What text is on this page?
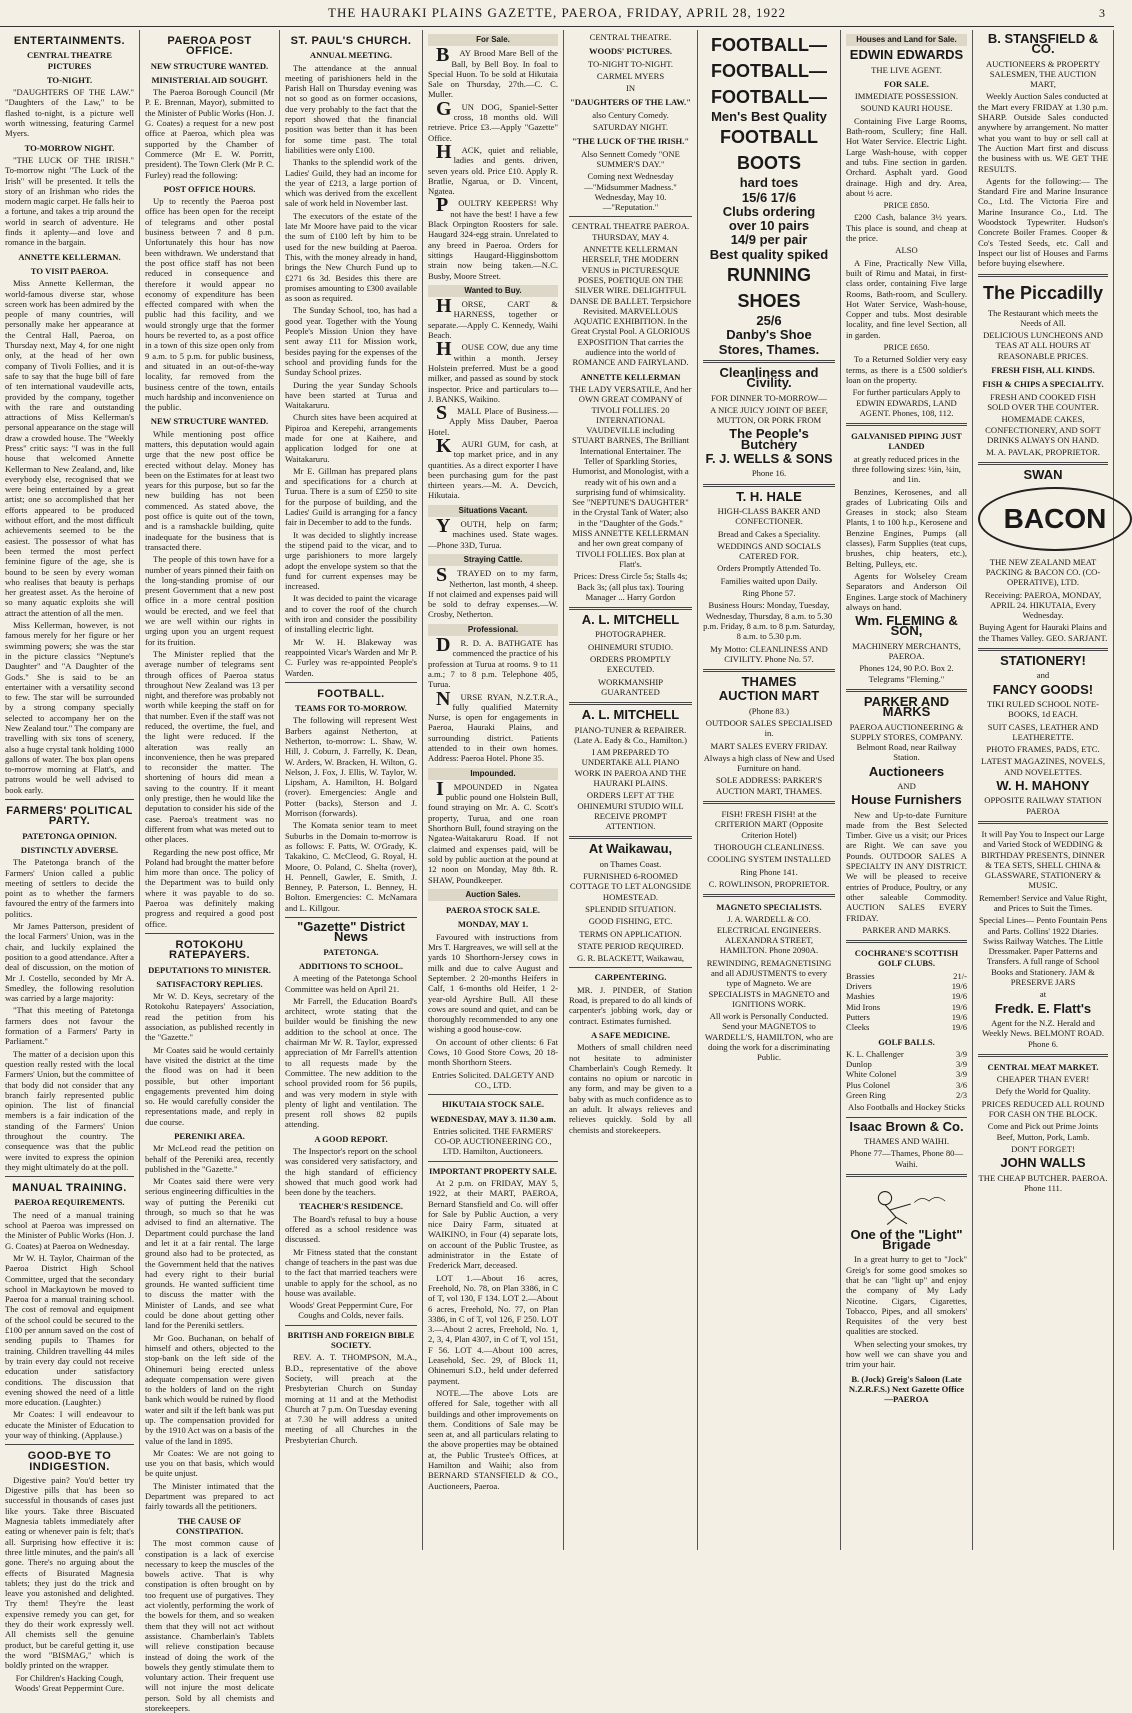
THE HAURAKI PLAINS GAZETTE, PAEROA, FRIDAY, APRIL 28, 1922	3
ENTERTAINMENTS.
CENTRAL THEATRE PICTURES
TO-NIGHT.

"DAUGHTERS OF THE LAW." "Daughters of the Law," to be flashed to-night, is a picture well worth witnessing, featuring Carmel Myers.

TO-MORROW NIGHT.

"THE LUCK OF THE IRISH." To-morrow night "The Luck of the Irish" will be presented. It tells the story of an Irishman who rides the modern magic carpet. He falls heir to a fortune, and takes a trip around the world in search of adventure. He finds it aplenty—and love and romance in the bargain.

ANNETTE KELLERMAN.
TO VISIT PAEROA.

Miss Annette Kellerman, the world-famous diverse star, whose screen work has been admired by the people of many countries, will personally make her appearance at the Central Hall, Paeroa, on Thursday next, May 4, for one night only, at the head of her own company of Tivoli Follies, and it is safe to say that the huge bill of fare of ten international vaudeville acts, provided by the company, together with the rare and outstanding attractions of Miss Kellerman's personal appearance on the stage will draw a crowded house. The "Weekly Press" critic says: "I was in the full house that welcomed Annette Kellerman to New Zealand, and, like everybody else, recognised that we were being entertained by a great artist; one so accomplished that her efforts appeared to be produced without effort, and the most difficult achievements seemed to be the easiest. The possessor of what has been termed the most perfect feminine figure of the age, she is bound to be seen by every woman who realises that beauty is perhaps her greatest asset. As the heroine of so many aquatic exploits she will attract the attention of all the men.

Miss Kellerman, however, is not famous merely for her figure or her swimming powers; she was the star in the picture classics "Neptune's Daughter" and "A Daughter of the Gods." She is said to be an entertainer with a versatility second to few. The star will be surrounded by a strong company specially selected to accompany her on the New Zealand tour." The company are travelling with six tons of scenery, also a huge crystal tank holding 1000 gallons of water. The box plan opens to-morrow morning at Flatt's, and patrons would be well advised to book early.

FARMERS' POLITICAL PARTY.
PATETONGA OPINION.
DISTINCTLY ADVERSE.

The Patetonga branch of the Farmers' Union called a public meeting of settlers to decide the point as to whether the farmers favoured the entry of the farmers into politics.

Mr James Patterson, president of the local Farmers' Union, was in the chair, and luckily explained the position to a good attendance. After a deal of discussion, on the motion of Mr J. Costello, seconded by Mr A. Smedley, the following resolution was carried by a large majority:

"That this meeting of Patetonga farmers does not favour the formation of a Farmers' Party in Parliament."

The matter of a decision upon this question really rested with the local Farmers' Union, but the committee of that body did not consider that any branch fairly represented public opinion. The list of financial members is a fair indication of the standing of the Farmers' Union throughout the country. The consequence was that the public were invited to express the opinion they might ultimately do at the poll.

MANUAL TRAINING.
PAEROA REQUIREMENTS.

The need of a manual training school at Paeroa was impressed on the Minister of Public Works (Hon. J. G. Coates) at Paeroa on Wednesday.

Mr W. H. Taylor, Chairman of the Paeroa District High School Committee, urged that the secondary school in Mackaytown be moved to Paeroa for a manual training school. The cost of removal and equipment of the school could be secured to the £100 per annum saved on the cost of sending pupils to Thames for training. Children travelling 44 miles by train every day could not receive education under satisfactory conditions. The discussion that evening showed the need of a little more education. (Laughter.)

Mr Coates: I will endeavour to educate the Minister of Education to your way of thinking. (Applause.)

GOOD-BYE TO INDIGESTION.

Digestive pain? You'd better try Digestive pills that has been so successful in thousands of cases just like yours. Take three Biscuated Magnesia tablets immediately after eating or whenever pain is felt; that's all. Surprising how effective it is: three little minutes, and the pain's all gone. There's no arguing about the effects of Bisurated Magnesia tablets; they just do the trick and leave you astonished and delighted. Try them! They're the least expensive remedy you can get, for they do their work expressly well. All chemists sell the genuine product, but be careful getting it, use the word "BISMAG," which is boldly printed on the wrapper.

For Children's Hacking Cough, Woods' Great Peppermint Cure.
PAEROA POST OFFICE.
NEW STRUCTURE WANTED.
MINISTERIAL AID SOUGHT.

The Paeroa Borough Council (Mr P. E. Brennan, Mayor), submitted to the Minister of Public Works (Hon. J. G. Coates) a request for a new post office at Paeroa, which plea was supported by the Chamber of Commerce (Mr E. W. Porritt, president). The Town Clerk (Mr P. C. Furley) read the following:

POST OFFICE HOURS.

Up to recently the Paeroa post office has been open for the receipt of telegrams and other postal business between 7 and 8 p.m. Unfortunately this hour has now been withdrawn. We understand that the post office staff has not been reduced in consequence and therefore it would appear no economy of expenditure has been effected compared with when the public had this facility, and we would strongly urge that the former hours be reverted to, as a post office in a town of this size open only from 9 a.m. to 5 p.m. for public business, and situated in an out-of-the-way locality, far removed from the business centre of the town, entails much hardship and inconvenience on the public.

NEW STRUCTURE WANTED.

While mentioning post office matters, this deputation would again urge that the new post office be erected without delay. Money has been on the Estimates for at least two years for this purpose, but so far the new building has not been commenced. As stated above, the post office is quite out of the town, and is a ramshackle building, quite inadequate for the business that is transacted there.

The people of this town have for a number of years pinned their faith on the long-standing promise of our present Government that a new post office in a more central position would be erected, and we feel that we are well within our rights in urging upon you an urgent request for its fruition.

The Minister replied that the average number of telegrams sent through offices of Paeroa status throughout New Zealand was 13 per night, and therefore was probably not worth while keeping the staff on for that number. Even if the staff was not reduced, the overtime, the fuel, and the light were reduced. If the alteration was really an inconvenience, then he was prepared to reconsider the matter. The shortening of hours did mean a saving to the country. If it meant only prestige, then he would like the deputation to consider his side of the case. Paeroa's treatment was no different from what was meted out to other places.

Regarding the new post office, Mr Poland had brought the matter before him more than once. The policy of the Department was to build only where it was payable to do so. Paeroa was definitely making progress and required a good post office.

ROTOKOHU RATEPAYERS.
DEPUTATIONS TO MINISTER.
SATISFACTORY REPLIES.

Mr W. D. Keys, secretary of the Rotokohu Ratepayers' Association, read the petition from his association, as published recently in the "Gazette."

Mr Coates said he would certainly have visited the district at the time the flood was on had it been possible, but other important engagements prevented him doing so. He would carefully consider the representations made, and reply in due course.

PERENIKI AREA.

Mr McLeod read the petition on behalf of the Pereniki area, recently published in the "Gazette."

Mr Coates said there were very serious engineering difficulties in the way of putting the Pereniki cut through, so much so that he was advised to find an alternative. The Department could purchase the land and let it at a fair rental. The large ground also had to be protected, as the Government held that the natives had every right to their burial grounds. He wanted sufficient time to discuss the matter with the Minister of Lands, and see what could be done about getting other land for the Pereniki settlers.

Mr Goo. Buchanan, on behalf of himself and others, objected to the stop-bank on the left side of the Ohinemuri being erected unless adequate compensation were given to the holders of land on the right bank which would be ruined by flood water and silt if the left bank was put up. The compensation provided for by the 1910 Act was on a basis of the value of the land in 1895.

Mr Coates: We are not going to use you on that basis, which would be quite unjust.

The Minister intimated that the Department was prepared to act fairly towards all the petitioners.

THE CAUSE OF CONSTIPATION.

The most common cause of constipation is a lack of exercise necessary to keep the muscles of the bowels active. That is why constipation is often brought on by too frequent use of purgatives. They act violently, performing the work of the bowels for them, and so weaken them that they will not act without assistance. Chamberlain's Tablets will relieve constipation because instead of doing the work of the bowels they gently stimulate them to voluntary action. Their frequent use will not injure the most delicate person. Sold by all chemists and storekeepers.

ST. PAUL'S CHURCH.
ANNUAL MEETING.

The attendance at the annual meeting of parishioners held in the Parish Hall on Thursday evening was not so good as on former occasions, due very probably to the fact that the report showed that the financial position was better than it has been for some time past. The total liabilities were only £100.

Thanks to the splendid work of the Ladies' Guild, they had an income for the year of £213, a large portion of which was derived from the excellent sale of work held in November last.

The executors of the estate of the late Mr Moore have paid to the vicar the sum of £100 left by him to be used for the new building at Paeroa. This, with the money already in hand, brings the New Church Fund up to £271 6s 3d. Besides this there are promises amounting to £300 available as soon as required.

The Sunday School, too, has had a good year. Together with the Young People's Mission Union they have sent away £11 for Mission work, besides paying for the expenses of the school and providing funds for the Sunday School prizes.

During the year Sunday Schools have been started at Turua and Waitakaruru.

Church sites have been acquired at Pipiroa and Kerepehi, arrangements made for one at Kaihere, and application lodged for one at Waitakaruru.

Mr E. Gillman has prepared plans and specifications for a church at Turua. There is a sum of £250 to site for the purpose of building, and the Ladies' Guild is arranging for a fancy fair in December to add to the funds.

It was decided to slightly increase the stipend paid to the vicar, and to urge parishioners to more largely adopt the envelope system so that the fund for current expenses may be increased.

It was decided to paint the vicarage and to cover the roof of the church with iron and consider the possibility of installing electric light.

Mr W. H. Blakeway was reappointed Vicar's Warden and Mr P. C. Furley was re-appointed People's Warden.

FOOTBALL.
TEAMS FOR TO-MORROW.

The following will represent West Barbers against Netherton, at Netherton, to-morrow: L. Shaw, W. Hill, J. Coburn, J. Farrelly, K. Dean, W. Arders, W. Bracken, H. Wilton, G. Nelson, J. Fox, J. Ellis, W. Taylor, W. Lipsham, A. Hamilton, H. Bolgard (rover). Emergencies: Angle and Potter (backs), Sterson and J. Morrison (forwards).

The Komata senior team to meet Suburbs in the Domain to-morrow is as follows: F. Patts, W. O'Grady, K. Takakino, C. McCleod, G. Royal, H. Moore, O. Poland, C. Shelta (rover), H. Pennell, Gawler, E. Smith, J. Benney, P. Paterson, L. Benney, H. Bolton. Emergencies: C. McNamara and L. Killgour.

"Gazette" District News
PATETONGA.
ADDITIONS TO SCHOOL.

A meeting of the Patetonga School Committee was held on April 21.

Mr Farrell, the Education Board's architect, wrote stating that the builder would be finishing the new addition to the school at once. The chairman Mr W. R. Taylor, expressed appreciation of Mr Farrell's attention to all requests made by the Committee. The new addition to the school provided room for 56 pupils, and was very modern in style with plenty of light and ventilation. The present roll shows 82 pupils attending.

A GOOD REPORT.

The Inspector's report on the school was considered very satisfactory, and the high standard of efficiency showed that much good work had been done by the teachers.

TEACHER'S RESIDENCE.

The Board's refusal to buy a house offered as a school residence was discussed.

Mr Fitness stated that the constant change of teachers in the past was due to the fact that married teachers were unable to apply for the school, as no house was available.

Woods' Great Peppermint Cure, For Coughs and Colds, never fails.
BRITISH AND FOREIGN BIBLE SOCIETY.

REV. A. T. THOMPSON, M.A., B.D., representative of the above Society, will preach at the Presbyterian Church on Sunday morning at 11 and at the Methodist Church at 7 p.m. On Tuesday evening at 7.30 he will address a united meeting of all Churches in the Presbyterian Church.

For Sale.

BAY Brood Mare Bell of the Ball, by Bell Boy. In foal to Special Huon. To be sold at Hikutaia Sale on Thursday, 27th.—C. C. Muller.

GUN DOG, Spaniel-Setter cross, 18 months old. Will retrieve. Price £3.—Apply "Gazette" Office.

HACK, quiet and reliable, ladies and gents. driven, seven years old. Price £10. Apply R. Bratlie, Ngarua, or D. Vincent, Ngatea.

POULTRY KEEPERS! Why not have the best! I have a few Black Orpington Roosters for sale. Haugard 324-egg strain. Unrelated to any breed in Paeroa. Orders for sittings Haugard-Higginsbottom strain now being taken.—N.C. Busby, Moore Street.

Wanted to Buy.

HORSE, CART & HARNESS, together or separate.—Apply C. Kennedy, Waihi Beach.

HOUSE COW, due any time within a month. Jersey Holstein preferred. Must be a good milker, and passed as sound by stock inspector. Price and particulars to— J. BANKS, Waikino.

SMALL Place of Business.—Apply Miss Dauber, Paeroa Hotel.

KAURI GUM, for cash, at top market price, and in any quantities. As a direct exporter I have been purchasing gum for the past thirteen years.—M. A. Devcich, Hikutaia.

Situations Vacant.

YOUTH, help on farm; machines used. State wages.—Phone 33D, Turua.

Straying Cattle.

STRAYED on to my farm, Netherton, last month, 4 sheep. If not claimed and expenses paid will be sold to defray expenses.—W. Crosby, Netherton.

Professional.

DR. D. A. BATHGATE has commenced the practice of his profession at Turua at rooms. 9 to 11 a.m.; 7 to 8 p.m. Telephone 405, Turua.

NURSE RYAN, N.Z.T.R.A., fully qualified Maternity Nurse, is open for engagements in Paeroa, Hauraki Plains, and surrounding district. Patients attended to in their own homes. Address: Paeroa Hotel. Phone 35.

Impounded.

IMPOUNDED in Ngatea public pound one Holstein Bull, found straying on Mr. A. C. Scott's property, Turua, and one roan Shorthorn Bull, found straying on the Ngatea-Waitakaruru Road. If not claimed and expenses paid, will be sold by public auction at the pound at 12 noon on Monday, May 8th. R. SHAW, Poundkeeper.

Auction Sales.
PAEROA STOCK SALE.
MONDAY, MAY 1.

Favoured with instructions from Mrs T. Hargreaves, we will sell at the yards 10 Shorthorn-Jersey cows in milk and due to calve August and September. 2 20-months Heifers in Calf, 1 6-months old Heifer, 1 2-year-old Ayrshire Bull. All these cows are sound and quiet, and can be thoroughly recommended to any one wishing a good house-cow.

On account of other clients: 6 Fat Cows, 10 Good Store Cows, 20 18-month Shorthorn Steers.

Entries Solicited. DALGETY AND CO., LTD.
HIKUTAIA STOCK SALE.
WEDNESDAY, MAY 3. 11.30 a.m.
Entries solicited. THE FARMERS' CO-OP. AUCTIONEERING CO., LTD. Hamilton, Auctioneers.
IMPORTANT PROPERTY SALE.

At 2 p.m. on FRIDAY, MAY 5, 1922, at their MART, PAEROA, Bernard Stansfield and Co. will offer for Sale by Public Auction, a very nice Dairy Farm, situated at WAIKINO, in Four (4) separate lots, on account of the Public Trustee, as administrator in the Estate of Frederick Marr, deceased.

LOT 1.—About 16 acres, Freehold, No. 78, on Plan 3386, in C of T, vol 130, F 134. LOT 2.—About 6 acres, Freehold, No. 77, on Plan 3386, in C of T, vol 126, F 250. LOT 3.—About 2 acres, Freehold, No. 1, 2, 3, 4, Plan 4307, in C of T, vol 151, F 56. LOT 4.—About 100 acres, Leasehold, Sec. 29, of Block 11, Ohinemuri S.D., held under deferred payment.

NOTE.—The above Lots are offered for Sale, together with all buildings and other improvements on them. Conditions of Sale may be seen at, and all particulars relating to the above properties may be obtained at, the Public Trustee's Offices, at Hamilton and Waihi; also from BERNARD STANSFIELD & CO., Auctioneers, Paeroa.

CENTRAL THEATRE.
WOODS' PICTURES.
TO-NIGHT TO-NIGHT.
CARMEL MYERS
IN
"DAUGHTERS OF THE LAW."
also Century Comedy.
SATURDAY NIGHT.
"THE LUCK OF THE IRISH."
Also Sennett Comedy "ONE SUMMER'S DAY."
Coming next Wednesday—"Midsummer Madness." Wednesday, May 10.—"Reputation."
CENTRAL THEATRE PAEROA. THURSDAY, MAY 4.
ANNETTE KELLERMAN HERSELF, THE MODERN VENUS in PICTURESQUE POSES, POETIQUE ON THE SILVER WIRE. DELIGHTFUL DANSE DE BALLET. Terpsichore Revisited. MARVELLOUS AQUATIC EXHIBITION. In the Great Crystal Pool. A GLORIOUS EXPOSITION That carries the audience into the world of ROMANCE AND FAIRYLAND.
ANNETTE KELLERMAN
THE LADY VERSATILE, And her OWN GREAT COMPANY of TIVOLI FOLLIES. 20 INTERNATIONAL VAUDEVILLE including STUART BARNES, The Brilliant International Entertainer. The Teller of Sparkling Stories, Humorist, and Monologist, with a ready wit of his own and a surprising fund of whimsicality. See "NEPTUNE'S DAUGHTER" in the Crystal Tank of Water; also in the "Daughter of the Gods." MISS ANNETTE KELLERMAN and her own great company of TIVOLI FOLLIES. Box plan at Flatt's.
Prices: Dress Circle 5s; Stalls 4s; Back 3s; (all plus tax). Touring Manager ... Harry Gordon
A. L. MITCHELL
PHOTOGRAPHER.
OHINEMURI STUDIO.
ORDERS PROMPTLY EXECUTED.
WORKMANSHIP GUARANTEED
A. L. MITCHELL
PIANO-TUNER & REPAIRER. (Late A. Eady & Co., Hamilton.)
I AM PREPARED TO UNDERTAKE ALL PIANO WORK IN PAEROA AND THE HAURAKI PLAINS.
ORDERS LEFT AT THE OHINEMURI STUDIO WILL RECEIVE PROMPT ATTENTION.
At Waikawau,
on Thames Coast.
FURNISHED 6-ROOMED COTTAGE TO LET ALONGSIDE HOMESTEAD.
SPLENDID SITUATION.
GOOD FISHING, ETC.
TERMS ON APPLICATION.
STATE PERIOD REQUIRED.
G. R. BLACKETT, Waikawau,
CARPENTERING.

MR. J. PINDER, of Station Road, is prepared to do all kinds of carpenter's jobbing work, day or contract. Estimates furnished.

A SAFE MEDICINE.

Mothers of small children need not hesitate to administer Chamberlain's Cough Remedy. It contains no opium or narcotic in any form, and may be given to a baby with as much confidence as to an adult. It always relieves and relieves quickly. Sold by all chemists and storekeepers.

FOOTBALL—
FOOTBALL—
FOOTBALL—
Men's Best Quality
FOOTBALL
BOOTS
hard toes
15/6 17/6
Clubs ordering
over 10 pairs
14/9 per pair
Best quality spiked
RUNNING
SHOES
25/6
Danby's Shoe
Stores, Thames.
Cleanliness and Civility.
FOR DINNER TO-MORROW—
A NICE JUICY JOINT OF BEEF, MUTTON, OR PORK FROM
The People's Butchery
F. J. WELLS & SONS
Phone 16.
T. H. HALE
HIGH-CLASS BAKER AND CONFECTIONER.
Bread and Cakes a Speciality.
WEDDINGS AND SOCIALS CATERED FOR.
Orders Promptly Attended To.
Families waited upon Daily.
Ring Phone 57.
Business Hours: Monday, Tuesday, Wednesday, Thursday, 8 a.m. to 5.30 p.m. Friday, 8 a.m. to 8 p.m. Saturday, 8 a.m. to 5.30 p.m.
My Motto: CLEANLINESS AND CIVILITY. Phone No. 57.
THAMES
AUCTION MART
(Phone 83.)
OUTDOOR SALES SPECIALISED in.
MART SALES EVERY FRIDAY.
Always a high class of New and Used Furniture on hand.
SOLE ADDRESS: PARKER'S AUCTION MART, THAMES.
FISH! FRESH FISH! at the CRITERION MART (Opposite Criterion Hotel)
THOROUGH CLEANLINESS.
COOLING SYSTEM INSTALLED
Ring Phone 141.
C. ROWLINSON, PROPRIETOR.
MAGNETO SPECIALISTS.
J. A. WARDELL & CO. ELECTRICAL ENGINEERS. ALEXANDRA STREET, HAMILTON. Phone 2090A.
REWINDING, REMAGNETISING and all ADJUSTMENTS to every type of Magneto. We are SPECIALISTS in MAGNETO and IGNITIONS WORK.
All work is Personally Conducted. Send your MAGNETOS to WARDELL'S, HAMILTON, who are doing the work for a discriminating Public.
Houses and Land for Sale.
EDWIN EDWARDS
THE LIVE AGENT.
FOR SALE.
IMMEDIATE POSSESSION.
SOUND KAURI HOUSE.

Containing Five Large Rooms, Bath-room, Scullery; fine Hall. Hot Water Service. Electric Light. Large Wash-house, with copper and tubs. Fine section in garden. Orchard. Asphalt yard. Good drainage. High and dry. Area, about ½ acre.

PRICE £850.

£200 Cash, balance 3½ years. This place is sound, and cheap at the price.

ALSO

A Fine, Practically New Villa, built of Rimu and Matai, in first-class order, containing Five large Rooms, Bath-room, and Scullery. Hot Water Service, Wash-house, Copper and tubs. Most desirable locality, and fine level Section, all in garden.

PRICE £650.

To a Returned Soldier very easy terms, as there is a £500 soldier's loan on the property.

For further particulars Apply to EDWIN EDWARDS, LAND AGENT. Phones, 108, 112.
GALVANISED PIPING JUST LANDED
at greatly reduced prices in the three following sizes: ½in, ¾in, and 1in.

Benzines, Kerosenes, and all grades of Lubricating Oils and Greases in stock; also Steam Plants, 1 to 100 h.p., Kerosene and Benzine Engines, Pumps (all classes), Farm Supplies (teat cups, brushes, chip heaters, etc.), Belting, Pulleys, etc.

Agents for Wolseley Cream Separators and Anderson Oil Engines. Large stock of Machinery always on hand.

Wm. FLEMING & SON,
MACHINERY MERCHANTS, PAEROA.
Phones 124, 90 P.O. Box 2. Telegrams "Fleming."
PARKER AND MARKS
PAEROA AUCTIONEERING & SUPPLY STORES, COMPANY. Belmont Road, near Railway Station.
Auctioneers
AND
House Furnishers

New and Up-to-date Furniture made from the Best Selected Timber. Give us a visit; our Prices are Right. We can save you Pounds. OUTDOOR SALES A SPECIALTY IN ANY DISTRICT. We will be pleased to receive entries of Produce, Poultry, or any other saleable Commodity. AUCTION SALES EVERY FRIDAY.

PARKER AND MARKS.
COCHRANE'S SCOTTISH GOLF CLUBS.
Brassies	21/-
Drivers	19/6
Mashies	19/6
Mid Irons	19/6
Putters	19/6
Cleeks	19/6
GOLF BALLS.
K. L. Challenger	3/9
Dunlop	3/9
White Colonel	3/9
Plus Colonel	3/6
Green Ring	2/3
Also Footballs and Hockey Sticks
Isaac Brown & Co.
THAMES AND WAIHI.
Phone 77—Thames, Phone 80—Waihi.
One of the "Light" Brigade

In a great hurry to get to "Jock" Greig's for some good smokes so that he can "light up" and enjoy the company of My Lady Nicotine. Cigars, Cigarettes, Tobacco, Pipes, and all smokers' Requisites of the very best qualities are stocked.

When selecting your smokes, try how well we can shave you and trim your hair.

B. (Jock) Greig's Saloon (Late N.Z.R.F.S.) Next Gazette Office—PAEROA
B. STANSFIELD & CO.
AUCTIONEERS & PROPERTY SALESMEN, THE AUCTION MART,

Weekly Auction Sales conducted at the Mart every FRIDAY at 1.30 p.m. SHARP. Outside Sales conducted anywhere by arrangement. No matter what you want to buy or sell call at The Auction Mart first and discuss the business with us. WE GET THE RESULTS.

Agents for the following:— The Standard Fire and Marine Insurance Co., Ltd. The Victoria Fire and Marine Insurance Co., Ltd. The Woodstock Typewriter. Hudson's Concrete Boiler Frames. Cooper & Co's Tested Seeds, etc. Call and Inspect our list of Houses and Farms before buying elsewhere.

The Piccadilly
The Restaurant which meets the Needs of All.
DELICIOUS LUNCHEONS AND TEAS AT ALL HOURS AT REASONABLE PRICES.
FRESH FISH, ALL KINDS.
FISH & CHIPS A SPECIALITY.
FRESH AND COOKED FISH SOLD OVER THE COUNTER.
HOMEMADE CAKES, CONFECTIONERY, AND SOFT DRINKS ALWAYS ON HAND.
M. A. PAVLAK, PROPRIETOR.
SWAN
BACON
THE NEW ZEALAND MEAT PACKING & BACON CO. (CO-OPERATIVE), LTD.
Receiving: PAEROA, MONDAY, APRIL 24. HIKUTAIA, Every Wednesday.
Buying Agent for Hauraki Plains and the Thames Valley. GEO. SARJANT.
STATIONERY!
and
FANCY GOODS!
TIKI RULED SCHOOL NOTE-BOOKS, 1d EACH.
SUIT CASES, LEATHER AND LEATHERETTE.
PHOTO FRAMES, PADS, ETC.
LATEST MAGAZINES, NOVELS, AND NOVELETTES.
W. H. MAHONY
OPPOSITE RAILWAY STATION PAEROA
It will Pay You to Inspect our Large and Varied Stock of WEDDING & BIRTHDAY PRESENTS, DINNER & TEA SETS, SHELL CHINA & GLASSWARE, STATIONERY & MUSIC.
Remember! Service and Value Right, and Prices to Suit the Times.
Special Lines— Pento Fountain Pens and Parts. Collins' 1922 Diaries. Swiss Railway Watches. The Little Dressmaker. Paper Patterns and Transfers. A full range of School Books and Stationery. JAM & PRESERVE JARS
at
Fredk. E. Flatt's
Agent for the N.Z. Herald and Weekly News. BELMONT ROAD. Phone 6.
CENTRAL MEAT MARKET.
CHEAPER THAN EVER!
Defy the World for Quality.
PRICES REDUCED ALL ROUND FOR CASH ON THE BLOCK.
Come and Pick out Prime Joints Beef, Mutton, Pork, Lamb.
DON'T FORGET!
JOHN WALLS
THE CHEAP BUTCHER. PAEROA. Phone 111.
